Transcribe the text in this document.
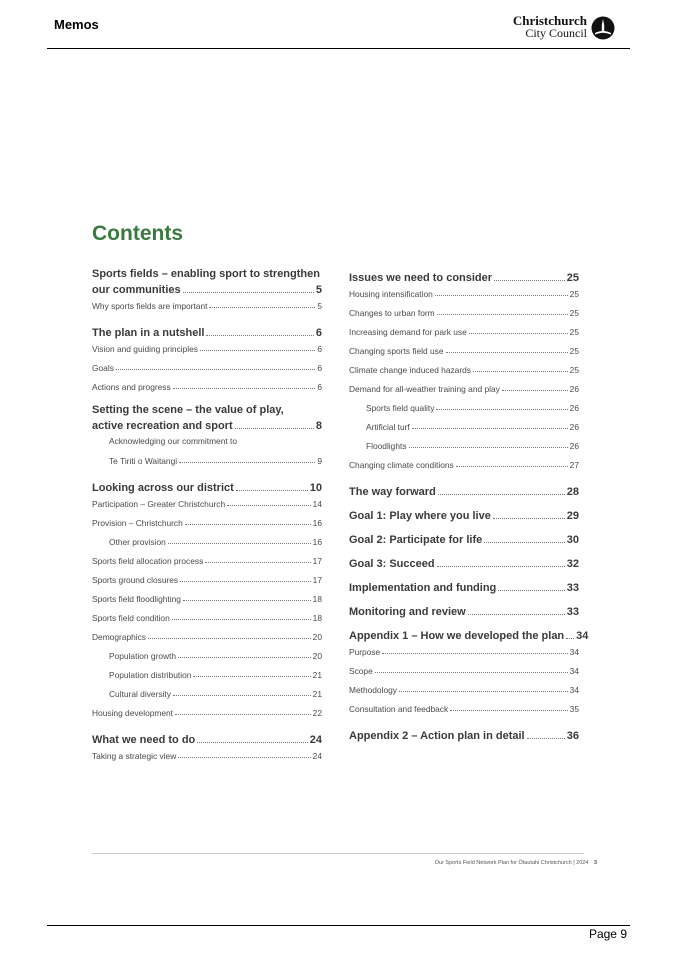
Memos	Christchurch
City Council
Contents
Sports fields – enabling sport to strengthen
our communities	5
Why sports fields are important	5
The plan in a nutshell	6
Vision and guiding principles	6
Goals	6
Actions and progress	6
Setting the scene – the value of play,
active recreation and sport	8
Acknowledging our commitment to
Te Tiriti o Waitangi	9
Looking across our district	10
Participation – Greater Christchurch	14
Provision – Christchurch	16
Other provision	16
Sports field allocation process	17
Sports ground closures	17
Sports field floodlighting	18
Sports field condition	18
Demographics	20
Population growth	20
Population distribution	21
Cultural diversity	21
Housing development	22
What we need to do	24
Taking a strategic view	24
Issues we need to consider	25
Housing intensification	25
Changes to urban form	25
Increasing demand for park use	25
Changing sports field use	25
Climate change induced hazards	25
Demand for all-weather training and play	26
Sports field quality	26
Artificial turf	26
Floodlights	26
Changing climate conditions	27
The way forward	28
Goal 1: Play where you live	29
Goal 2: Participate for life	30
Goal 3: Succeed	32
Implementation and funding	33
Monitoring and review	33
Appendix 1 – How we developed the plan 34
Purpose	34
Scope	34
Methodology	34
Consultation and feedback	35
Appendix 2 – Action plan in detail	36
Our Sports Field Network Plan for Ōtautahi Christchurch | 2024 3
Page 9
